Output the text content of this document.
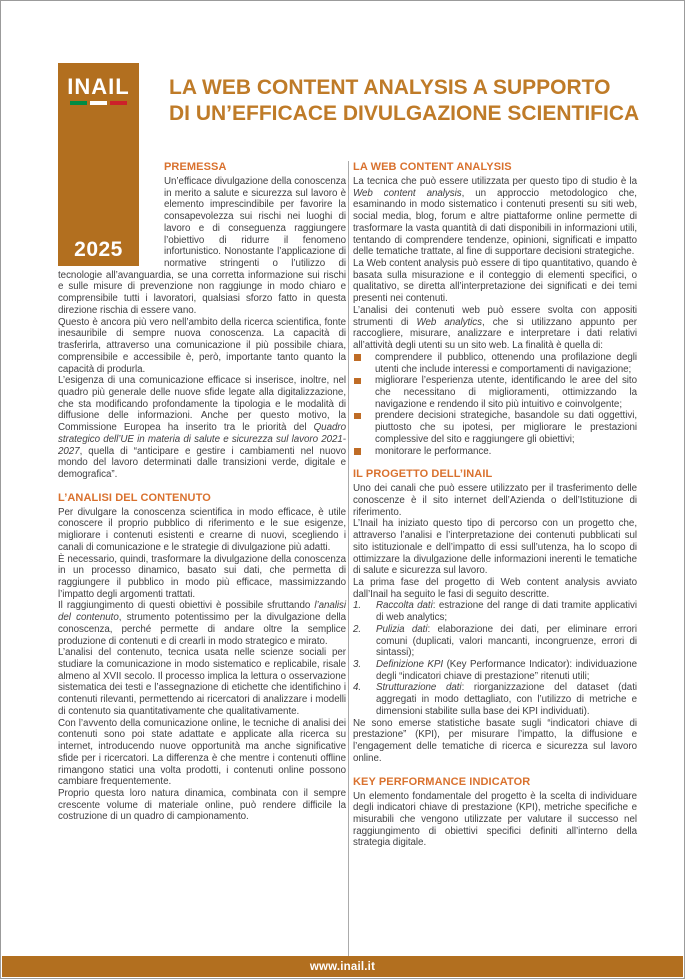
INAIL
2025
LA WEB CONTENT ANALYSIS A SUPPORTO
DI UN’EFFICACE DIVULGAZIONE SCIENTIFICA
PREMESSA

Un’efficace divulgazione della conoscenza in merito a salute e sicurezza sul lavoro è elemento imprescindibile per favorire la consapevolezza sui rischi nei luoghi di lavoro e di conseguenza raggiungere l’obiettivo di ridurre il fenomeno infortunistico. Nonostante l’applicazione di normative stringenti o l’utilizzo di tecnologie all’avanguardia, se una corretta informazione sui rischi e sulle misure di prevenzione non raggiunge in modo chiaro e comprensibile tutti i lavoratori, qualsiasi sforzo fatto in questa direzione rischia di essere vano.

Questo è ancora più vero nell’ambito della ricerca scientifica, fonte inesauribile di sempre nuova conoscenza. La capacità di trasferirla, attraverso una comunicazione il più possibile chiara, comprensibile e accessibile è, però, importante tanto quanto la capacità di produrla.

L’esigenza di una comunicazione efficace si inserisce, inoltre, nel quadro più generale delle nuove sfide legate alla digitalizzazione, che sta modificando profondamente la tipologia e le modalità di diffusione delle informazioni. Anche per questo motivo, la Commissione Europea ha inserito tra le priorità del Quadro strategico dell’UE in materia di salute e sicurezza sul lavoro 2021-2027, quella di “anticipare e gestire i cambiamenti nel nuovo mondo del lavoro determinati dalle transizioni verde, digitale e demografica”.

L’ANALISI DEL CONTENUTO

Per divulgare la conoscenza scientifica in modo efficace, è utile conoscere il proprio pubblico di riferimento e le sue esigenze, migliorare i contenuti esistenti e crearne di nuovi, scegliendo i canali di comunicazione e le strategie di divulgazione più adatti.

È necessario, quindi, trasformare la divulgazione della conoscenza in un processo dinamico, basato sui dati, che permetta di raggiungere il pubblico in modo più efficace, massimizzando l’impatto degli argomenti trattati.

Il raggiungimento di questi obiettivi è possibile sfruttando l’analisi del contenuto, strumento potentissimo per la divulgazione della conoscenza, perché permette di andare oltre la semplice produzione di contenuti e di crearli in modo strategico e mirato.

L’analisi del contenuto, tecnica usata nelle scienze sociali per studiare la comunicazione in modo sistematico e replicabile, risale almeno al XVII secolo. Il processo implica la lettura o osservazione sistematica dei testi e l’assegnazione di etichette che identifichino i contenuti rilevanti, permettendo ai ricercatori di analizzare i modelli di contenuto sia quantitativamente che qualitativamente.

Con l’avvento della comunicazione online, le tecniche di analisi dei contenuti sono poi state adattate e applicate alla ricerca su internet, introducendo nuove opportunità ma anche significative sfide per i ricercatori. La differenza è che mentre i contenuti offline rimangono statici una volta prodotti, i contenuti online possono cambiare frequentemente.

Proprio questa loro natura dinamica, combinata con il sempre crescente volume di materiale online, può rendere difficile la costruzione di un quadro di campionamento.

LA WEB CONTENT ANALYSIS

La tecnica che può essere utilizzata per questo tipo di studio è la Web content analysis, un approccio metodologico che, esaminando in modo sistematico i contenuti presenti su siti web, social media, blog, forum e altre piattaforme online permette di trasformare la vasta quantità di dati disponibili in informazioni utili, tentando di comprendere tendenze, opinioni, significati e impatto delle tematiche trattate, al fine di supportare decisioni strategiche.

La Web content analysis può essere di tipo quantitativo, quando è basata sulla misurazione e il conteggio di elementi specifici, o qualitativo, se diretta all’interpretazione dei significati e dei temi presenti nei contenuti.

L’analisi dei contenuti web può essere svolta con appositi strumenti di Web analytics, che si utilizzano appunto per raccogliere, misurare, analizzare e interpretare i dati relativi all’attività degli utenti su un sito web. La finalità è quella di:

comprendere il pubblico, ottenendo una profilazione degli utenti che include interessi e comportamenti di navigazione;
migliorare l’esperienza utente, identificando le aree del sito che necessitano di miglioramenti, ottimizzando la navigazione e rendendo il sito più intuitivo e coinvolgente;
prendere decisioni strategiche, basandole su dati oggettivi, piuttosto che su ipotesi, per migliorare le prestazioni complessive del sito e raggiungere gli obiettivi;
monitorare le performance.
IL PROGETTO DELL’INAIL

Uno dei canali che può essere utilizzato per il trasferimento delle conoscenze è il sito internet dell’Azienda o dell’Istituzione di riferimento.

L’Inail ha iniziato questo tipo di percorso con un progetto che, attraverso l’analisi e l’interpretazione dei contenuti pubblicati sul sito istituzionale e dell’impatto di essi sull’utenza, ha lo scopo di ottimizzare la divulgazione delle informazioni inerenti le tematiche di salute e sicurezza sul lavoro.

La prima fase del progetto di Web content analysis avviato dall’Inail ha seguito le fasi di seguito descritte.

1.	Raccolta dati: estrazione del range di dati tramite applicativi di web analytics;
2.	Pulizia dati: elaborazione dei dati, per eliminare errori comuni (duplicati, valori mancanti, incongruenze, errori di sintassi);
3.	Definizione KPI (Key Performance Indicator): individuazione degli “indicatori chiave di prestazione” ritenuti utili;
4.	Strutturazione dati: riorganizzazione del dataset (dati aggregati in modo dettagliato, con l’utilizzo di metriche e dimensioni stabilite sulla base dei KPI individuati).

Ne sono emerse statistiche basate sugli “indicatori chiave di prestazione” (KPI), per misurare l’impatto, la diffusione e l’engagement delle tematiche di ricerca e sicurezza sul lavoro online.

KEY PERFORMANCE INDICATOR

Un elemento fondamentale del progetto è la scelta di individuare degli indicatori chiave di prestazione (KPI), metriche specifiche e misurabili che vengono utilizzate per valutare il successo nel raggiungimento di obiettivi specifici definiti all’interno della strategia digitale.

www.inail.it
